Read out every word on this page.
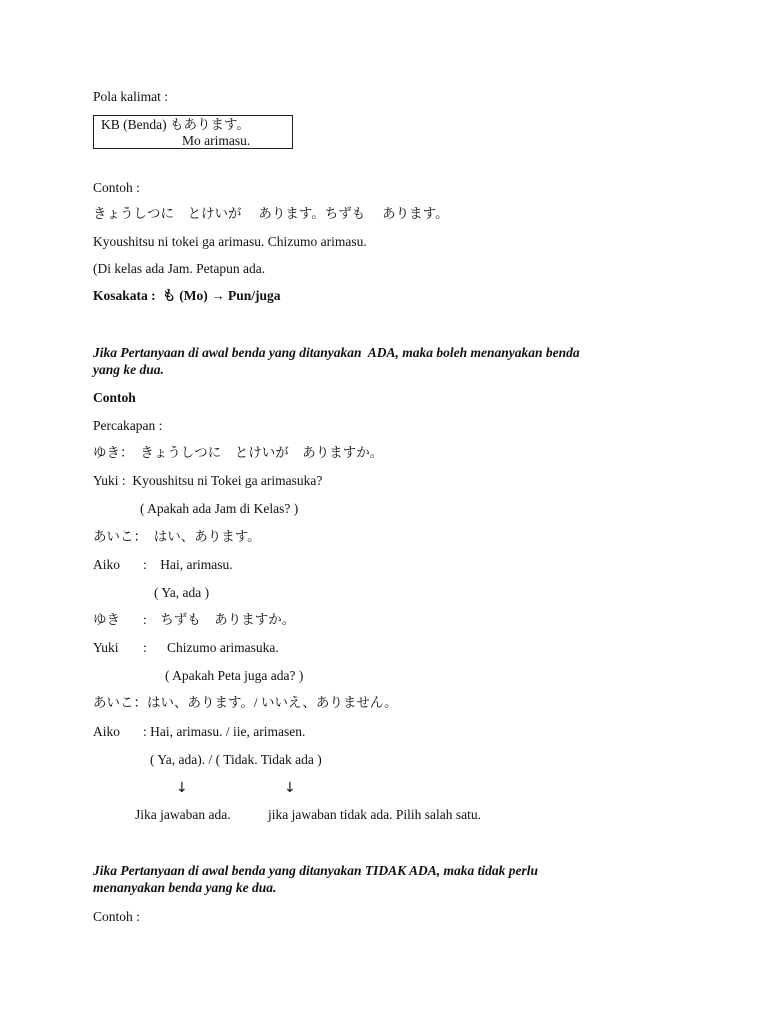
Pola kalimat :
KB (Benda) もあります。
Mo arimasu.
Contoh :
きょうしつに　とけいが　 あります。ちずも　 あります。
Kyoushitsu ni tokei ga arimasu. Chizumo arimasu.
(Di kelas ada Jam. Petapun ada.
Kosakata :  も (Mo) → Pun/juga
Jika Pertanyaan di awal benda yang ditanyakan  ADA, maka boleh menanyakan benda
yang ke dua.
Contoh
Percakapan :
ゆき：　きょうしつに　とけいが　ありますか。
Yuki :  Kyoushitsu ni Tokei ga arimasuka?
( Apakah ada Jam di Kelas? )
あいこ：　はい、あります。
Aiko :    Hai, arimasu.
( Ya, ada )
ゆき :    ちずも　ありますか。
Yuki :      Chizumo arimasuka.
( Apakah Peta juga ada? )
あいこ：はい、あります。/ いいえ、ありません。
Aiko : Hai, arimasu. / iie, arimasen.
( Ya, ada). / ( Tidak. Tidak ada )
↓	↓
Jika jawaban ada.	jika jawaban tidak ada. Pilih salah satu.
Jika Pertanyaan di awal benda yang ditanyakan TIDAK ADA, maka tidak perlu
menanyakan benda yang ke dua.
Contoh :
